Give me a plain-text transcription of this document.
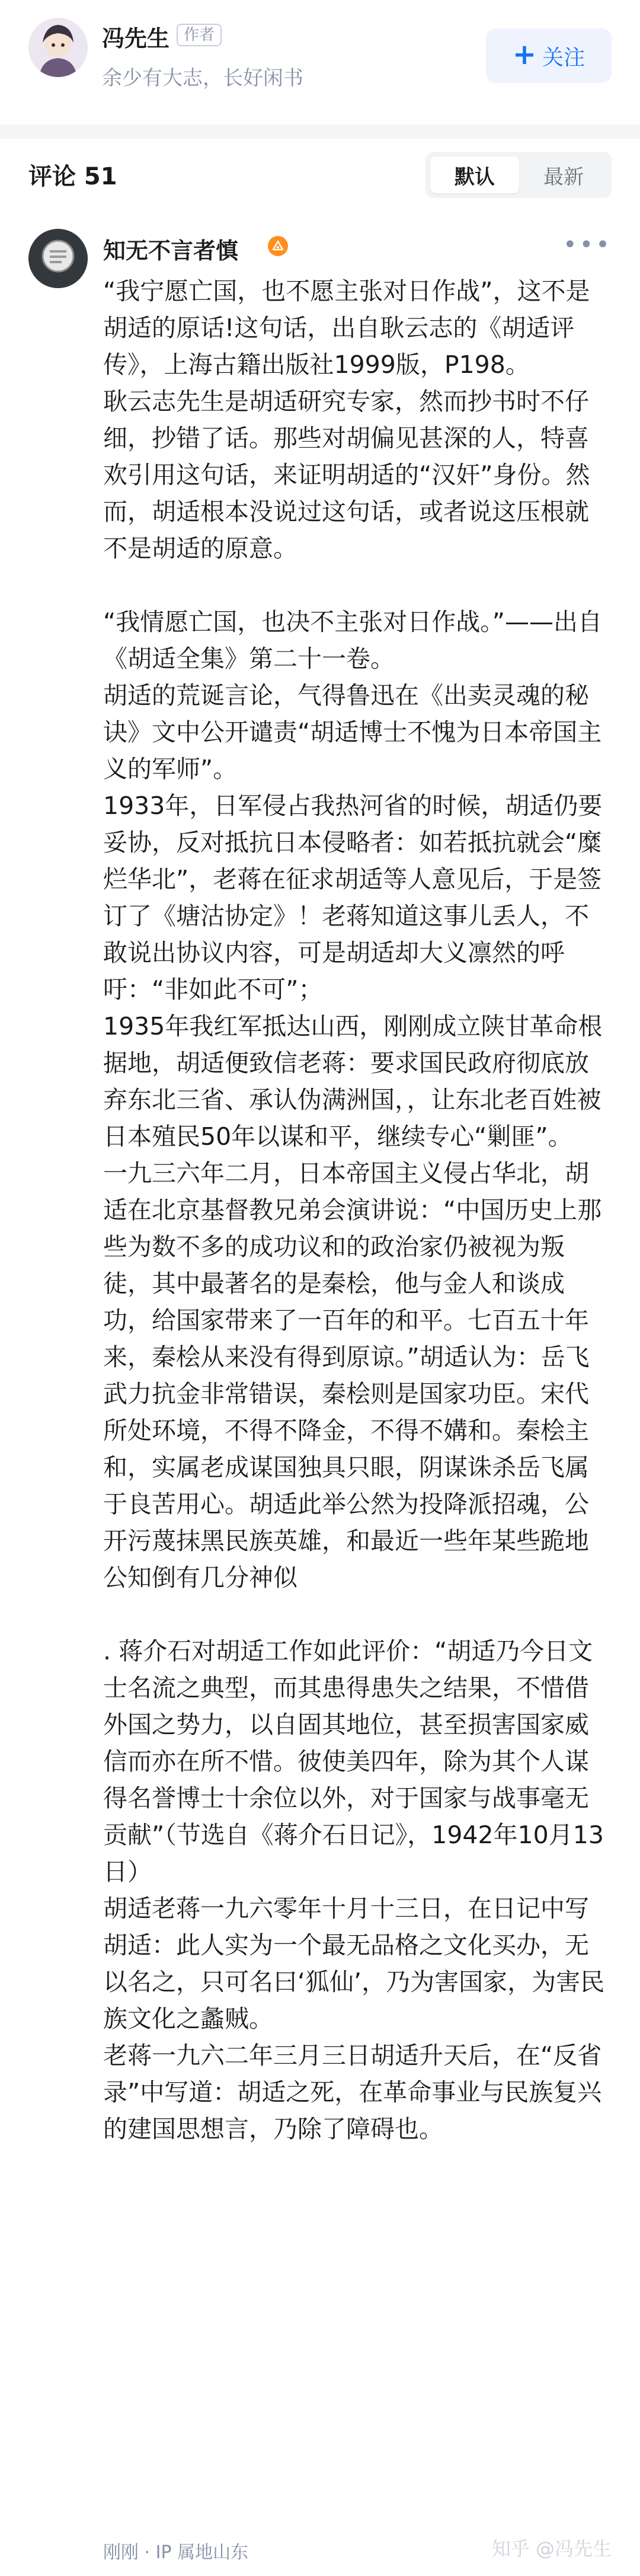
冯先生 作者
余少有大志，长好闲书
+ 关注
评论 51	默认	最新
知无不言者慎	•••

“我宁愿亡国，也不愿主张对日作战”，这不是胡适的原话!这句话，出自耿云志的《胡适评传》，上海古籍出版社1999版，P198。

耿云志先生是胡适研究专家，然而抄书时不仔细，抄错了话。那些对胡偏见甚深的人，特喜欢引用这句话，来证明胡适的“汉奸”身份。然而，胡适根本没说过这句话，或者说这压根就不是胡适的原意。

“我情愿亡国，也决不主张对日作战。”——出自《胡适全集》第二十一卷。

胡适的荒诞言论，气得鲁迅在《出卖灵魂的秘诀》文中公开谴责“胡适博士不愧为日本帝国主义的军师”。

1933年，日军侵占我热河省的时候，胡适仍要妥协，反对抵抗日本侵略者：如若抵抗就会“糜烂华北”，老蒋在征求胡适等人意见后，于是签订了《塘沽协定》！老蒋知道这事儿丢人，不敢说出协议内容，可是胡适却大义凛然的呼吁：“非如此不可”；

1935年我红军抵达山西，刚刚成立陕甘革命根据地，胡适便致信老蒋：要求国民政府彻底放弃东北三省、承认伪满洲国，，让东北老百姓被日本殖民50年以谋和平，继续专心“剿匪”。

一九三六年二月，日本帝国主义侵占华北，胡适在北京基督教兄弟会演讲说：“中国历史上那些为数不多的成功议和的政治家仍被视为叛徒，其中最著名的是秦桧，他与金人和谈成功，给国家带来了一百年的和平。七百五十年来，秦桧从来没有得到原谅。”胡适认为：岳飞武力抗金非常错误，秦桧则是国家功臣。宋代所处环境，不得不降金，不得不媾和。秦桧主和，实属老成谋国独具只眼，阴谋诛杀岳飞属于良苦用心。胡适此举公然为投降派招魂，公开污蔑抹黑民族英雄，和最近一些年某些跪地公知倒有几分神似

. 蒋介石对胡适工作如此评价：“胡适乃今日文士名流之典型，而其患得患失之结果，不惜借外国之势力，以自固其地位，甚至损害国家威信而亦在所不惜。彼使美四年，除为其个人谋得名誉博士十余位以外，对于国家与战事毫无贡献”（节选自《蒋介石日记》，1942年10月13日）

胡适老蒋一九六零年十月十三日，在日记中写胡适：此人实为一个最无品格之文化买办，无以名之，只可名曰‘狐仙’，乃为害国家，为害民族文化之蠡贼。

老蒋一九六二年三月三日胡适升天后，在“反省录”中写道：胡适之死，在革命事业与民族复兴的建国思想言，乃除了障碍也。

刚刚 · IP 属地山东	知乎 @冯先生
